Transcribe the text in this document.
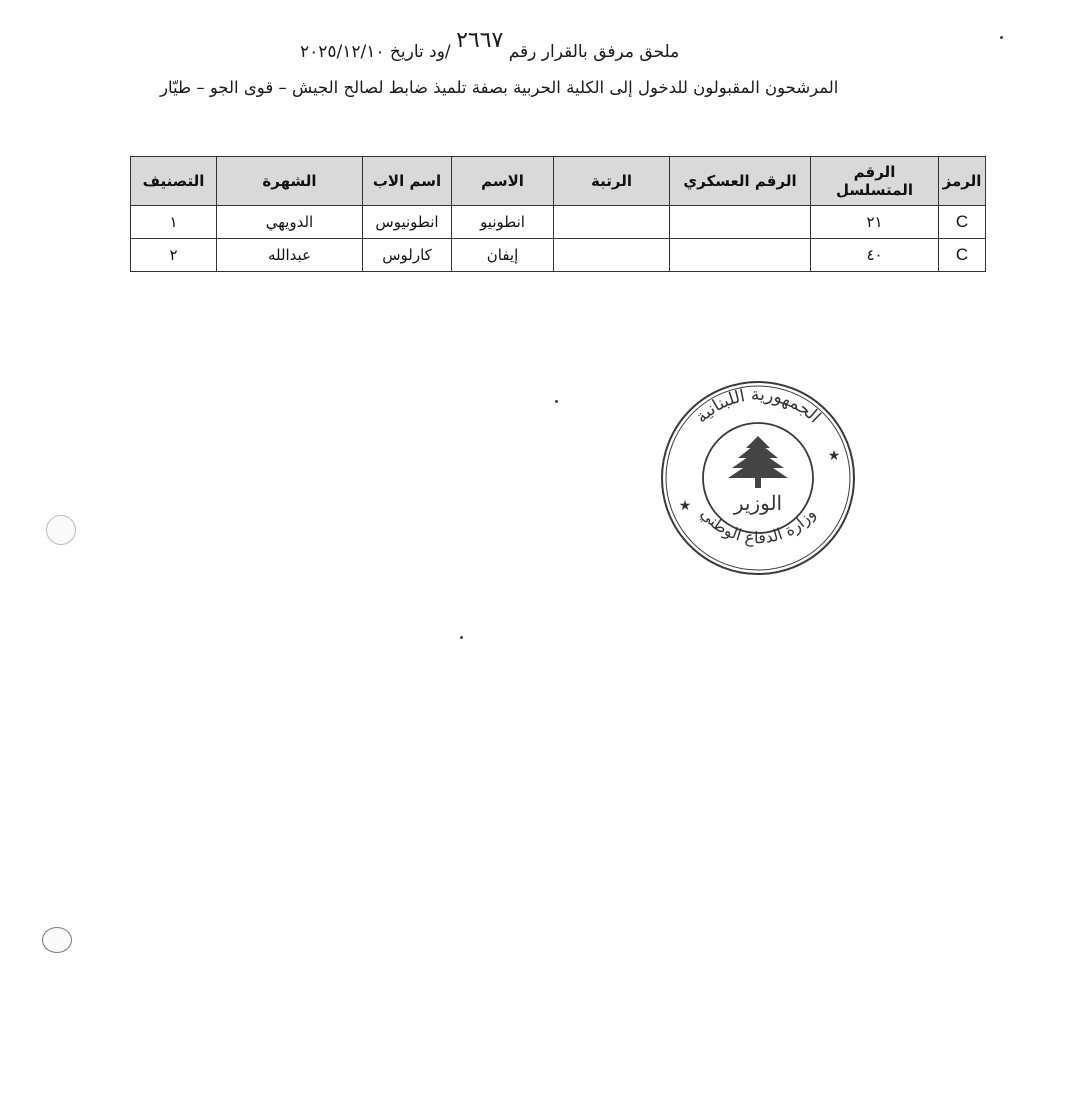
ملحق مرفق بالقرار رقم ٢٦٦٧ /ود تاريخ ٢٠٢٥/١٢/١٠
المرشحون المقبولون للدخول إلى الكلية الحربية بصفة تلميذ ضابط لصالح الجيش – قوى الجو – طيّار
الرمز	الرقم المتسلسل	الرقم العسكري	الرتبة	الاسم	اسم الاب	الشهرة	التصنيف
C	٢١			انطونيو	انطونيوس	الدويهي	١
C	٤٠			إيفان	كارلوس	عبدالله	٢
الجمهورية اللبنانية
وزارة الدفاع الوطني
★
★ الوزير
